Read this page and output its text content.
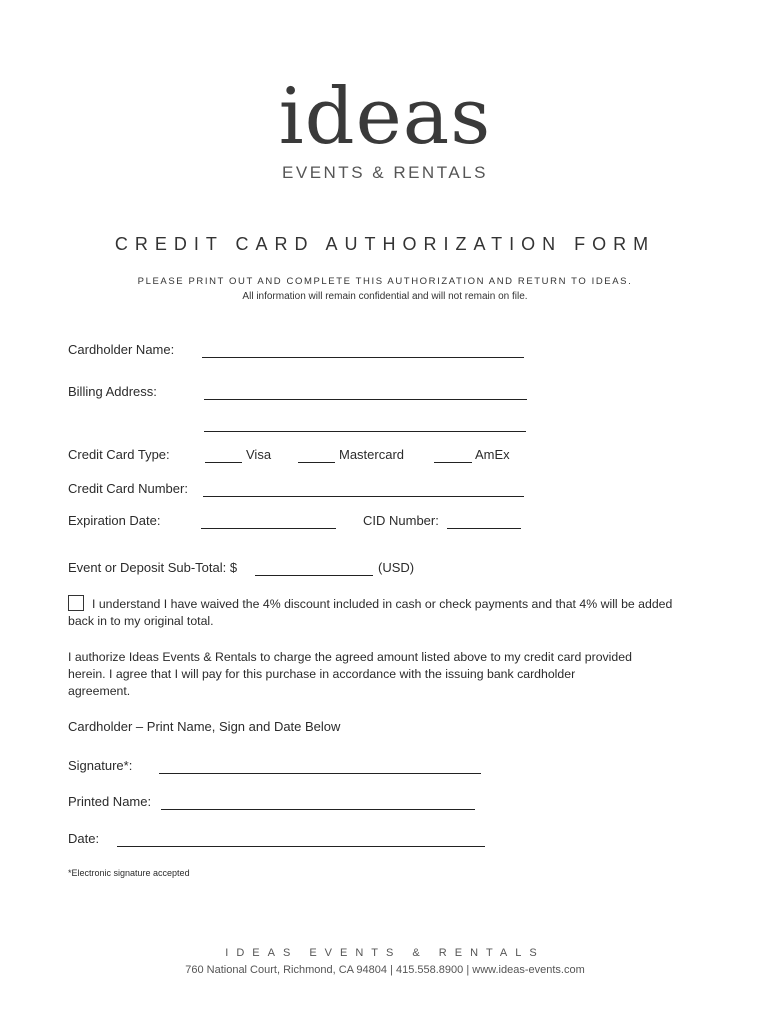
ideas
EVENTS & RENTALS
CREDIT CARD AUTHORIZATION FORM
PLEASE PRINT OUT AND COMPLETE THIS AUTHORIZATION AND RETURN TO IDEAS.
All information will remain confidential and will not remain on file.
Cardholder Name:
Billing Address:
Credit Card Type:	Visa	Mastercard	AmEx
Credit Card Number:
Expiration Date:	CID Number:
Event or Deposit Sub-Total: $	(USD)
I understand I have waived the 4% discount included in cash or check payments and that 4% will be added
back in to my original total.
I authorize Ideas Events & Rentals to charge the agreed amount listed above to my credit card provided
herein. I agree that I will pay for this purchase in accordance with the issuing bank cardholder
agreement.
Cardholder – Print Name, Sign and Date Below
Signature*:
Printed Name:
Date:
*Electronic signature accepted
IDEAS EVENTS & RENTALS
760 National Court, Richmond, CA 94804 | 415.558.8900 | www.ideas-events.com
